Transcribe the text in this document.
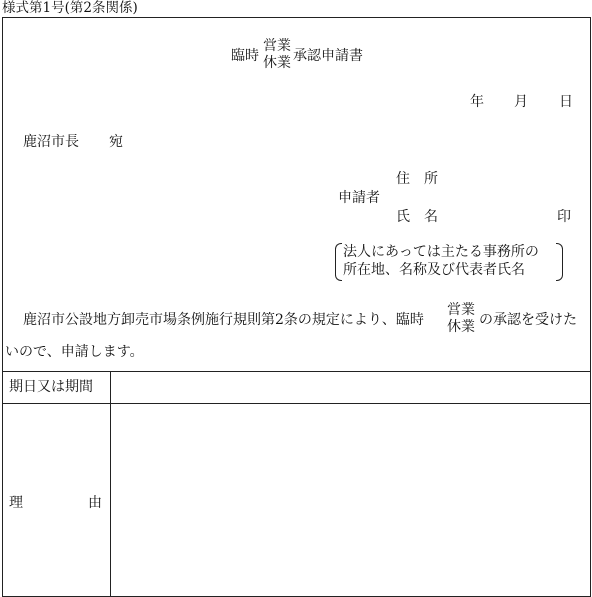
様式第1号(第2条関係)
臨時
営業
休業 承認申請書
年 月 日
鹿沼市長 宛
住　所
申請者
氏　名	印
法人にあっては主たる事務所の
所在地、名称及び代表者氏名
鹿沼市公設地方卸売市場条例施行規則第2条の規定により、臨時
営業
休業 の承認を受けた
いので、申請します。
期日又は期間
理	由
